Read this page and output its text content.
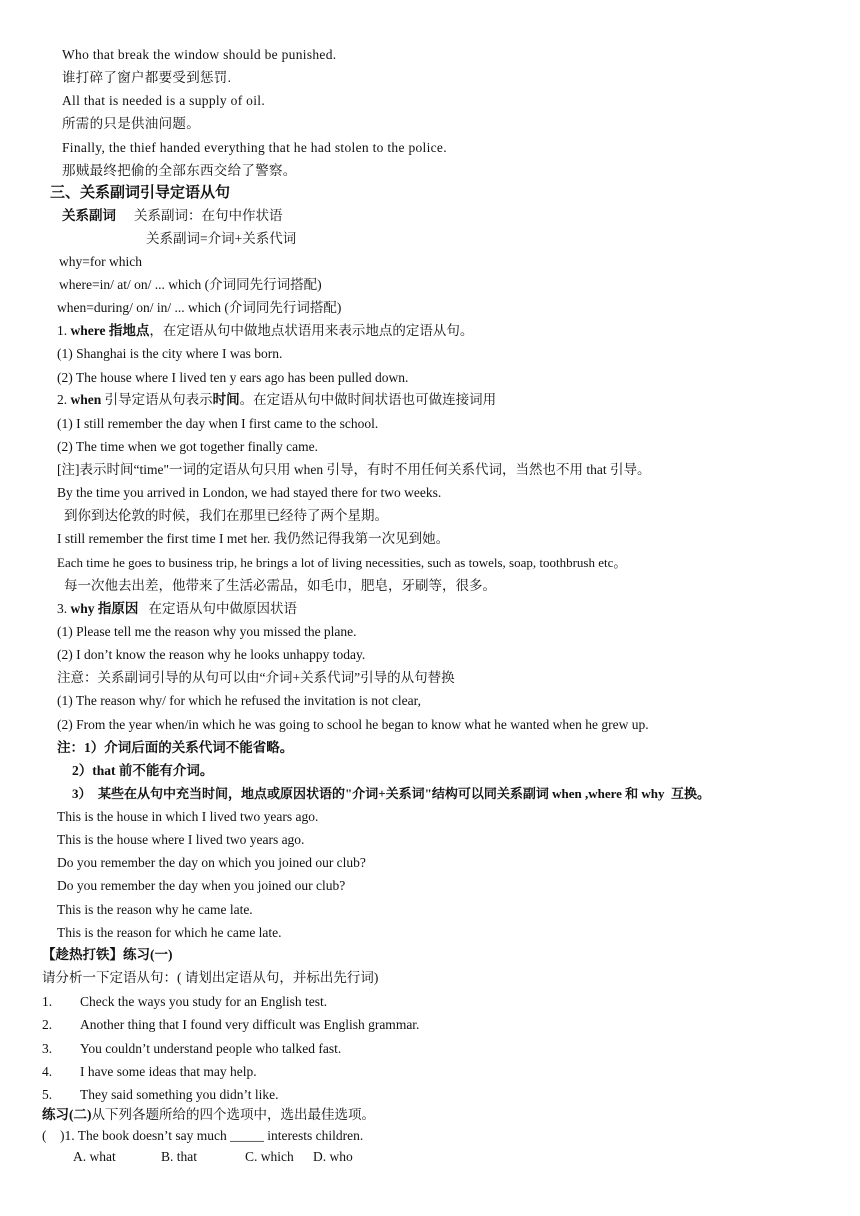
Who that break the window should be punished.
谁打碎了窗户都要受到惩罚.
All that is needed is a supply of oil.
所需的只是供油问题。
Finally, the thief handed everything that he had stolen to the police.
那贼最终把偷的全部东西交给了警察。
三、关系副词引导定语从句
关系副词 关系副词：在句中作状语
关系副词=介词+关系代词
why=for which
where=in/ at/ on/ ... which (介词同先行词搭配)
when=during/ on/ in/ ... which (介词同先行词搭配)
1. where 指地点，在定语从句中做地点状语用来表示地点的定语从句。
(1) Shanghai is the city where I was born.
(2) The house where I lived ten y ears ago has been pulled down.
2. when 引导定语从句表示时间。在定语从句中做时间状语也可做连接词用
(1) I still remember the day when I first came to the school.
(2) The time when we got together finally came.
[注]表示时间“time"一词的定语从句只用 when 引导，有时不用任何关系代词，当然也不用 that 引导。
By the time you arrived in London, we had stayed there for two weeks.
到你到达伦敦的时候，我们在那里已经待了两个星期。
I still remember the first time I met her. 我仍然记得我第一次见到她。
Each time he goes to business trip, he brings a lot of living necessities, such as towels, soap, toothbrush etc。
每一次他去出差，他带来了生活必需品，如毛巾，肥皂，牙刷等，很多。
3. why 指原因   在定语从句中做原因状语
(1) Please tell me the reason why you missed the plane.
(2) I don’t know the reason why he looks unhappy today.
注意：关系副词引导的从句可以由“介词+关系代词”引导的从句替换
(1) The reason why/ for which he refused the invitation is not clear,
(2) From the year when/in which he was going to school he began to know what he wanted when he grew up.
注：1）介词后面的关系代词不能省略。
2）that 前不能有介词。
3）  某些在从句中充当时间，地点或原因状语的"介词+关系词"结构可以同关系副词 when ,where 和 why  互换。
This is the house in which I lived two years ago.
This is the house where I lived two years ago.
Do you remember the day on which you joined our club?
Do you remember the day when you joined our club?
This is the reason why he came late.
This is the reason for which he came late.
【趁热打铁】练习(一)
请分析一下定语从句：( 请划出定语从句，并标出先行词)
1. Check the ways you study for an English test.
2. Another thing that I found very difficult was English grammar.
3. You couldn’t understand people who talked fast.
4. I have some ideas that may help.
5. They said something you didn’t like.
练习(二)从下列各题所给的四个选项中，选出最佳选项。
(    )1. The book doesn’t say much _____ interests children.
A. what	B. that	C. which D. who
